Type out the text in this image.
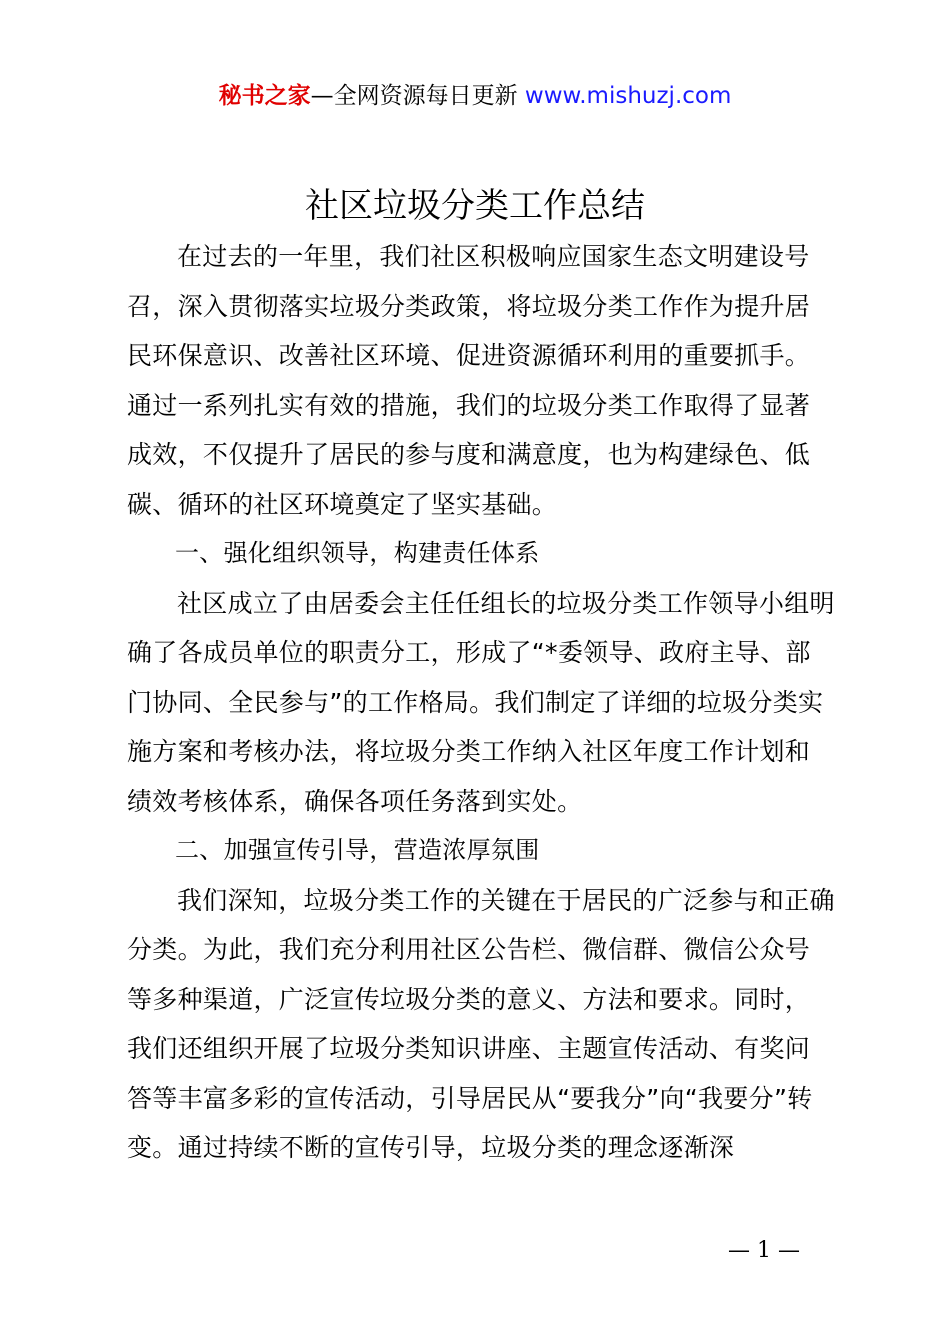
秘书之家—全网资源每日更新 www.mishuzj.com
社区垃圾分类工作总结

在过去的一年里，我们社区积极响应国家生态文明建设号召，深入贯彻落实垃圾分类政策，将垃圾分类工作作为提升居民环保意识、改善社区环境、促进资源循环利用的重要抓手。通过一系列扎实有效的措施，我们的垃圾分类工作取得了显著成效，不仅提升了居民的参与度和满意度，也为构建绿色、低碳、循环的社区环境奠定了坚实基础。

一、强化组织领导，构建责任体系

社区成立了由居委会主任任组长的垃圾分类工作领导小组明确了各成员单位的职责分工，形成了“*委领导、政府主导、部门协同、全民参与”的工作格局。我们制定了详细的垃圾分类实施方案和考核办法，将垃圾分类工作纳入社区年度工作计划和绩效考核体系，确保各项任务落到实处。

二、加强宣传引导，营造浓厚氛围

我们深知，垃圾分类工作的关键在于居民的广泛参与和正确分类。为此，我们充分利用社区公告栏、微信群、微信公众号等多种渠道，广泛宣传垃圾分类的意义、方法和要求。同时，我们还组织开展了垃圾分类知识讲座、主题宣传活动、有奖问答等丰富多彩的宣传活动，引导居民从“要我分”向“我要分”转变。通过持续不断的宣传引导，垃圾分类的理念逐渐深

— 1 —
